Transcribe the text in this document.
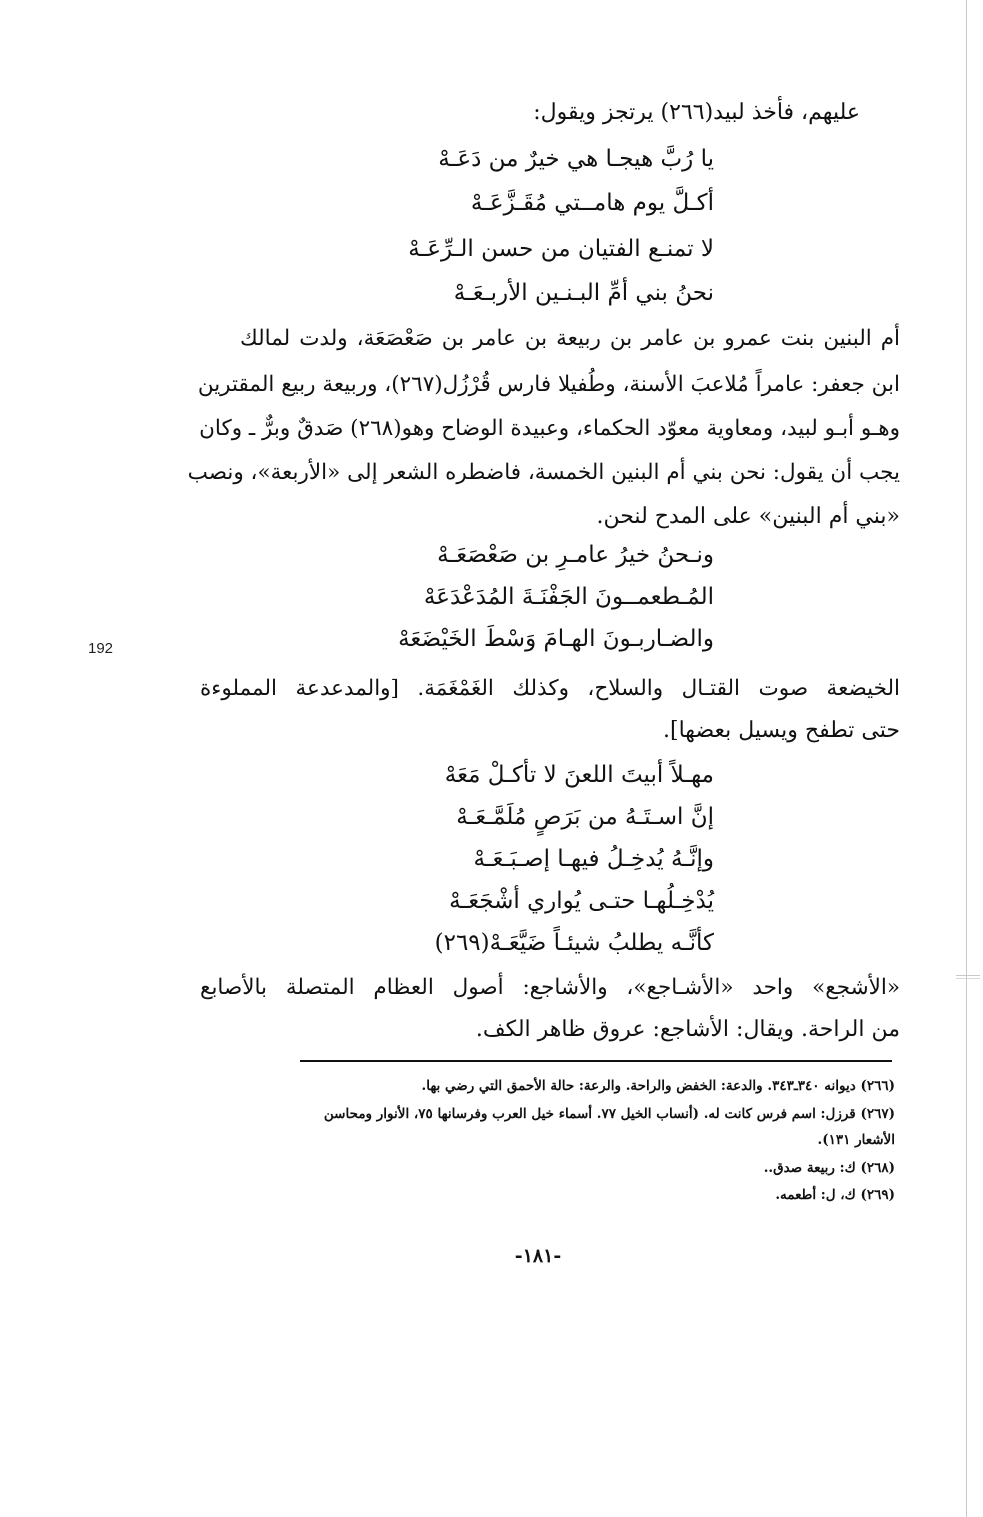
192
عليهم، فأخذ لبيد(٢٦٦) يرتجز ويقول:
يا رُبَّ هيجـا هي خيرٌ من دَعَـهْ
أكـلَّ يوم هامــتي مُقَـزَّعَـهْ
لا تمنـع الفتيان من حسن الـرِّعَـهْ
نحنُ بني أمِّ البـنـين الأربـعَـهْ
أم البنين بنت عمرو بن عامر بن ربيعة بن عامر بن صَعْصَعَة، ولدت لمالك
ابن جعفر: عامراً مُلاعبَ الأسنة، وطُفيلا فارس قُرْزُل(٢٦٧)، وربيعة ربيع المقترين
وهـو أبـو لبيد، ومعاوية معوّد الحكماء، وعبيدة الوضاح وهو(٢٦٨) صَدقٌ وبرٌّ ـ وكان
يجب أن يقول: نحن بني أم البنين الخمسة، فاضطره الشعر إلى «الأربعة»، ونصب
«بني أم البنين» على المدح لنحن.
ونـحنُ خيرُ عامـرِ بن صَعْصَعَـهْ
المُـطعمــونَ الجَفْنَـةَ المُدَعْدَعَهْ
والضـاربـونَ الهـامَ وَسْطَ الخَيْضَعَهْ
الخيضعة صوت القتـال والسلاح، وكذلك الغَمْغَمَة. [والمدعدعة المملوءة
حتى تطفح ويسيل بعضها].
مهـلاً أبيتَ اللعنَ لا تأكـلْ مَعَهْ
إنَّ اسـتَـهُ من بَرَصٍ مُلَمَّـعَـهْ
وإنَّـهُ يُدخِـلُ فيهـا إصـبَـعَـهْ
يُدْخِـلُهـا حتـى يُواري أشْجَعَـهْ
كأنَّـه يطلبُ شيئـاً ضَيَّعَـهْ(٢٦٩)
«الأشجع» واحد «الأشـاجع»، والأشاجع: أصول العظام المتصلة بالأصابع
من الراحة. ويقال: الأشاجع: عروق ظاهر الكف.
(٢٦٦) ديوانه ٣٤٠ـ٣٤٣. والدعة: الخفض والراحة. والرعة: حالة الأحمق التي رضي بها.
(٢٦٧) قرزل: اسم فرس كانت له. (أنساب الخيل ٧٧. أسماء خيل العرب وفرسانها ٧٥، الأنوار ومحاسن
الأشعار ١٣١).
(٢٦٨) ك: ربيعة صدق..
(٢٦٩) ك، ل: أطعمه.
-١٨١-
